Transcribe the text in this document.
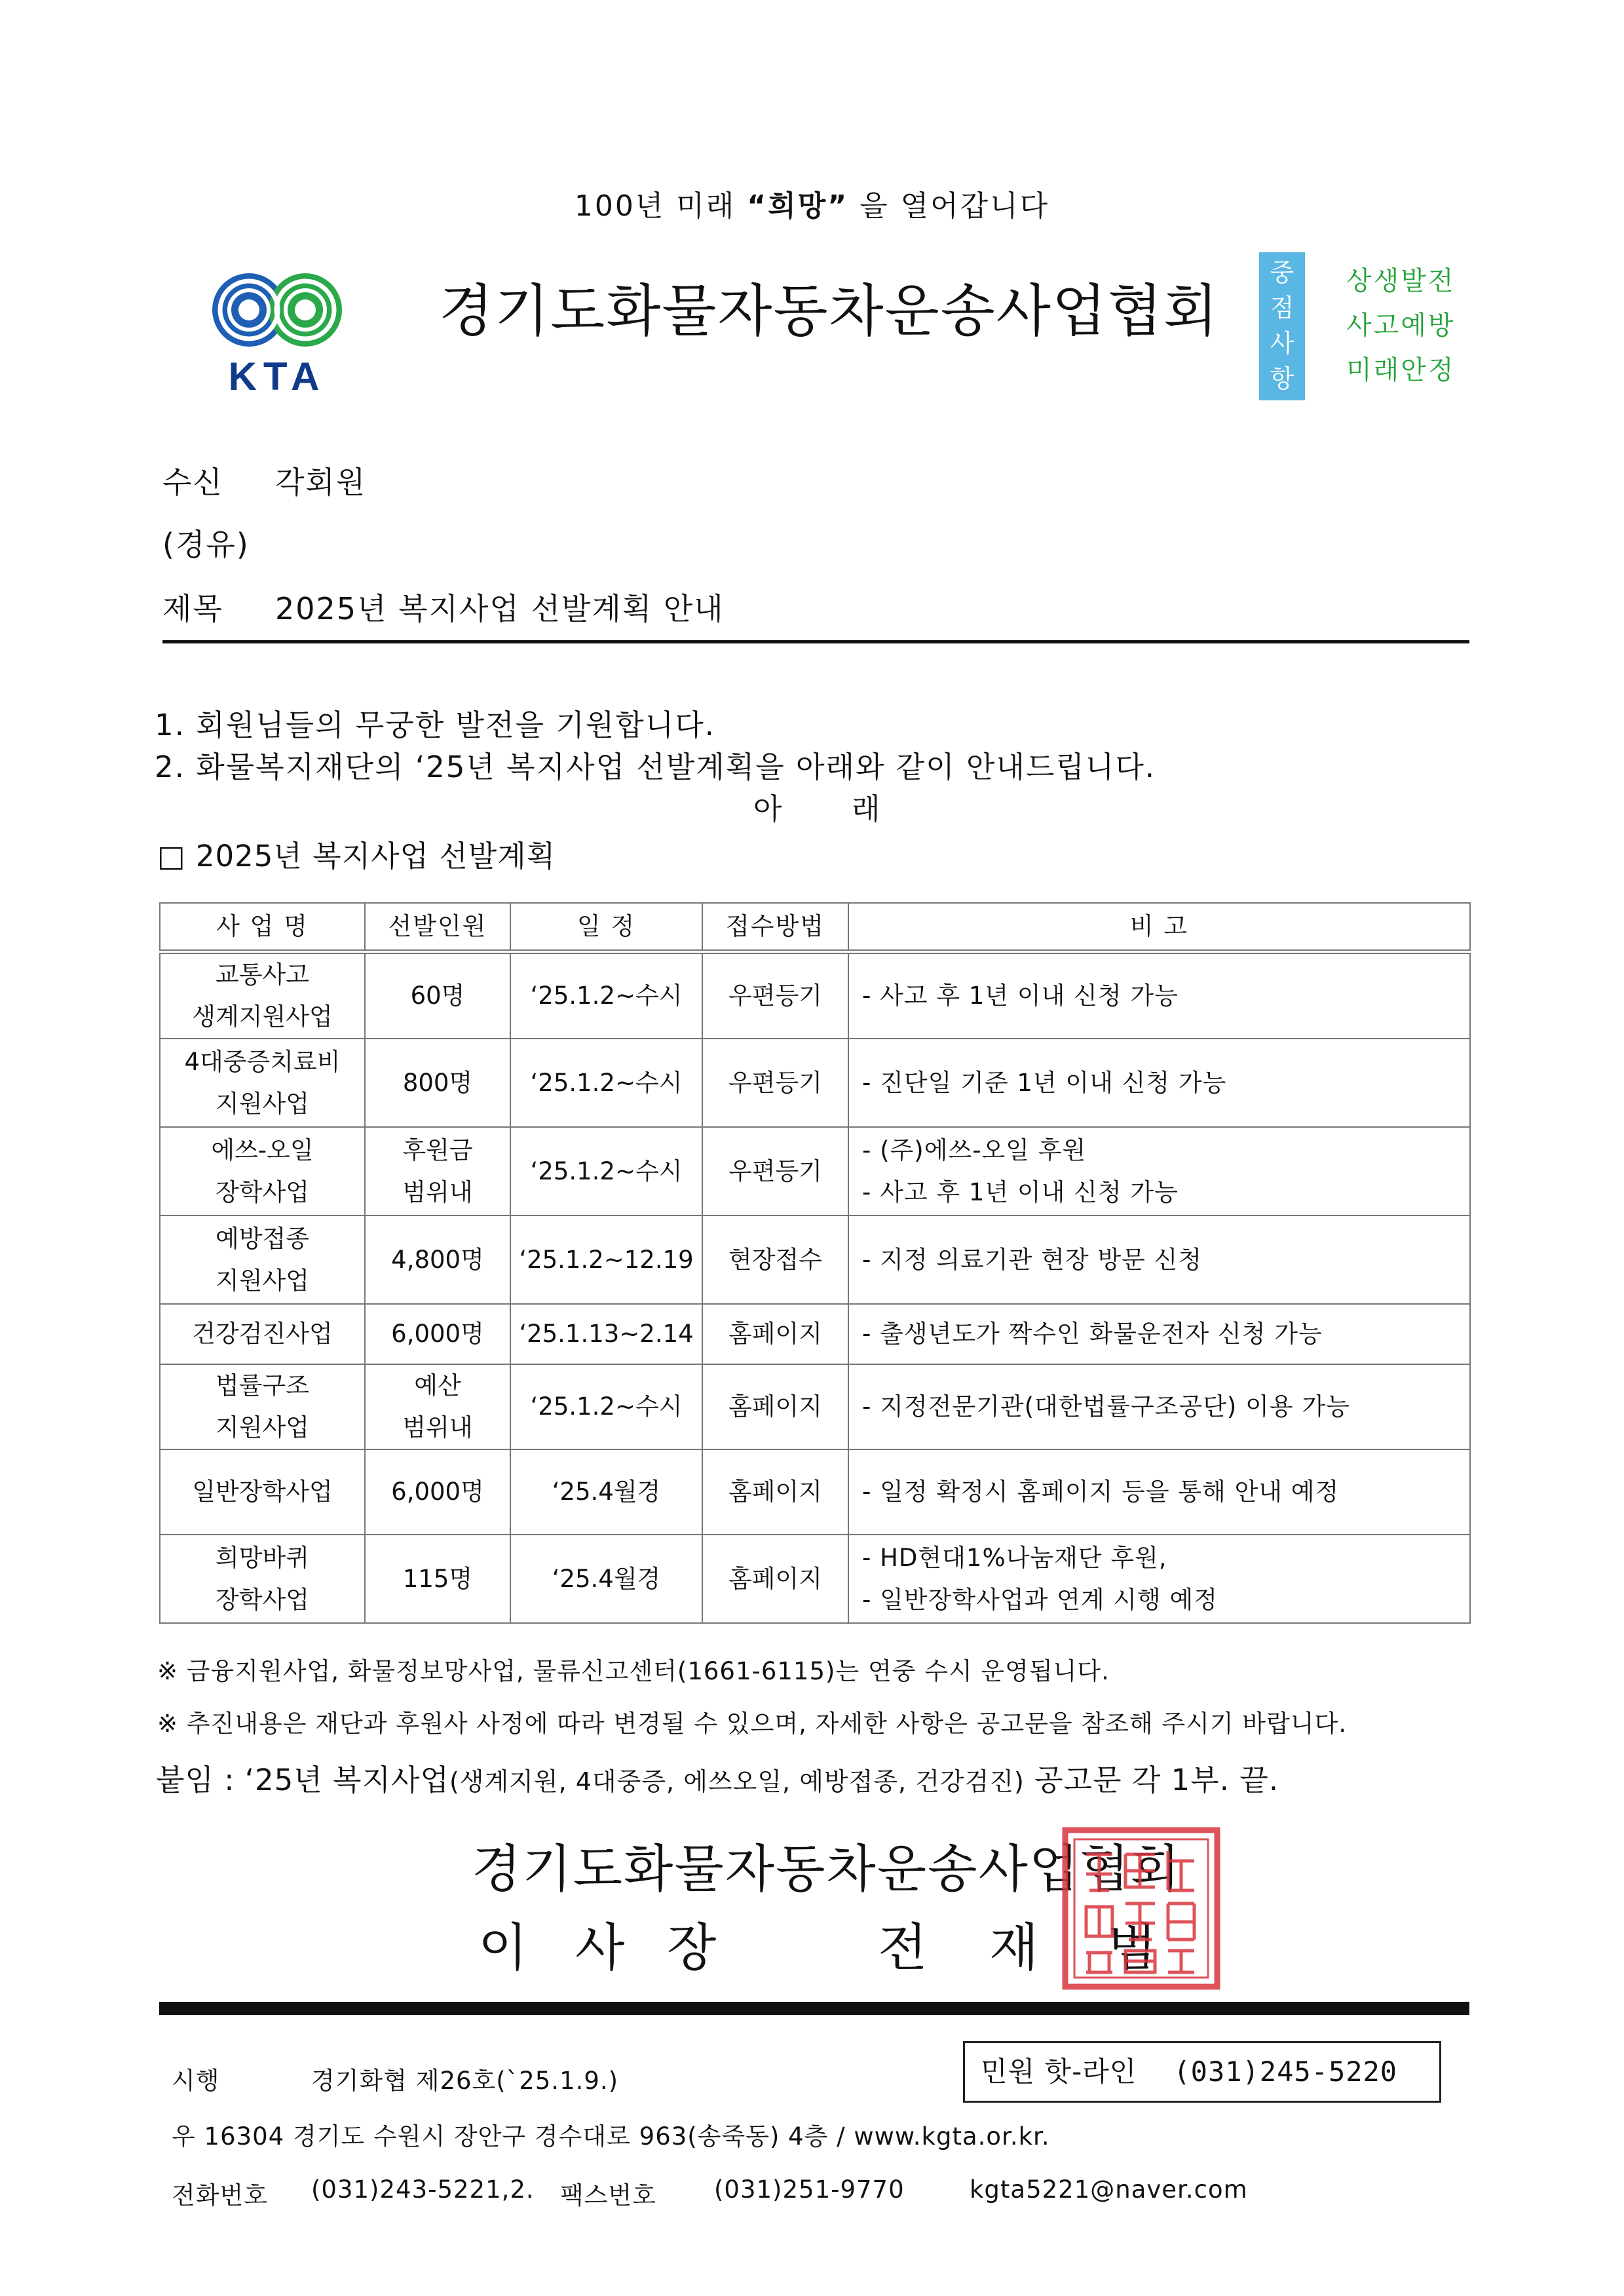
100년 미래 “희망” 을 열어갑니다
KTA
경기도화물자동차운송사업협회
중
점
사
항
상생발전
사고예방
미래안정
수신 각회원
(경유)
제목 2025년 복지사업 선발계획 안내
1. 회원님들의 무궁한 발전을 기원합니다.
2. 화물복지재단의 ‘25년 복지사업 선발계획을 아래와 같이 안내드립니다.
아 래
□ 2025년 복지사업 선발계획
사 업 명	선발인원	일 정	접수방법	비 고

교통사고
생계지원사업	60명	‘25.1.2~수시	우편등기	- 사고 후 1년 이내 신청 가능

4대중증치료비
지원사업	800명	‘25.1.2~수시	우편등기	- 진단일 기준 1년 이내 신청 가능

에쓰-오일
장학사업	후원금
범위내	‘25.1.2~수시	우편등기	- (주)에쓰-오일 후원
- 사고 후 1년 이내 신청 가능

예방접종
지원사업	4,800명	‘25.1.2~12.19	현장접수	- 지정 의료기관 현장 방문 신청
건강검진사업	6,000명	‘25.1.13~2.14	홈페이지	- 출생년도가 짝수인 화물운전자 신청 가능

법률구조
지원사업	예산
범위내	‘25.1.2~수시	홈페이지	- 지정전문기관(대한법률구조공단) 이용 가능
일반장학사업	6,000명	‘25.4월경	홈페이지	- 일정 확정시 홈페이지 등을 통해 안내 예정

희망바퀴
장학사업	115명	‘25.4월경	홈페이지	- HD현대1%나눔재단 후원,
- 일반장학사업과 연계 시행 예정
※ 금융지원사업, 화물정보망사업, 물류신고센터(1661-6115)는 연중 수시 운영됩니다.
※ 추진내용은 재단과 후원사 사정에 따라 변경될 수 있으며, 자세한 사항은 공고문을 참조해 주시기 바랍니다.
붙임 : ‘25년 복지사업(생계지원, 4대중증, 에쓰오일, 예방접종, 건강검진) 공고문 각 1부. 끝.
경기도화물자동차운송사업협회
이 사 장	전 재 범
시행	경기화협 제26호(`25.1.9.)	민원 핫-라인 (031)245-5220
우 16304 경기도 수원시 장안구 경수대로 963(송죽동) 4층 / www.kgta.or.kr.
전화번호 (031)243-5221,2. 팩스번호 (031)251-9770	kgta5221@naver.com
